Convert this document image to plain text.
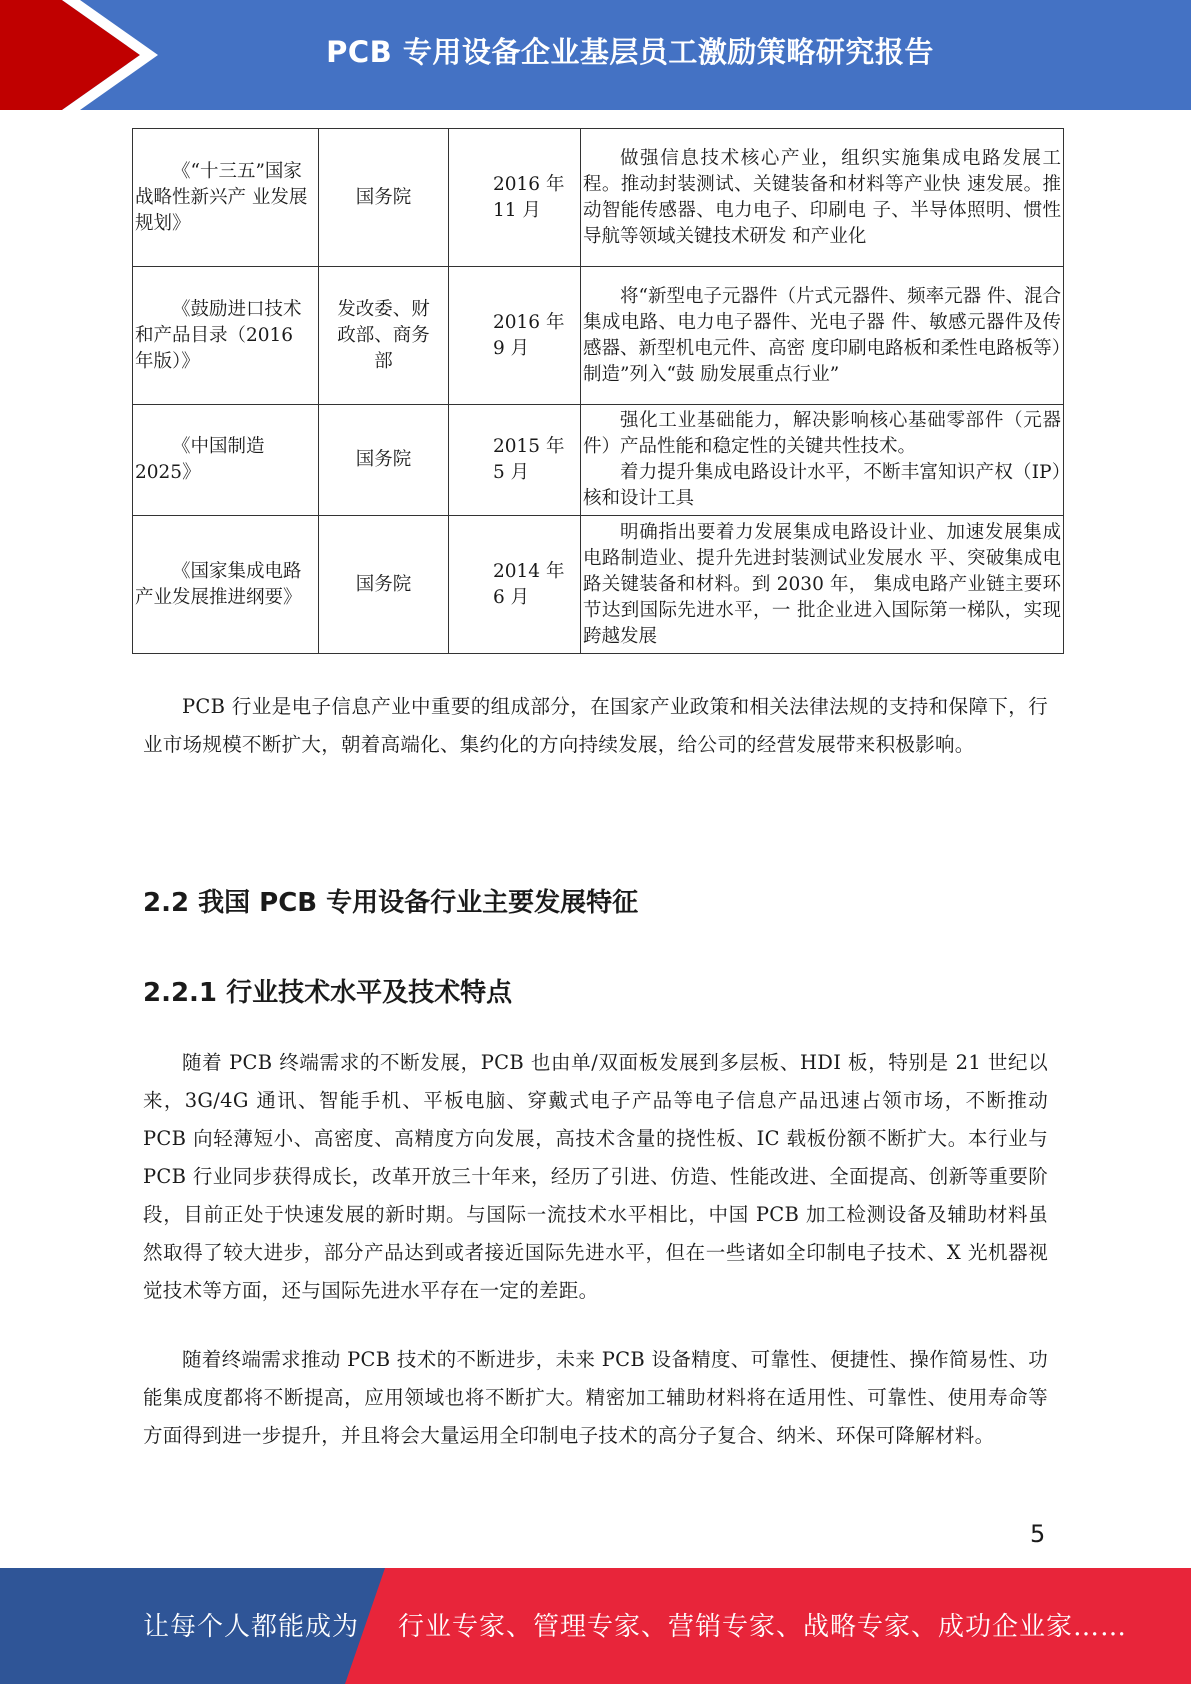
PCB 专用设备企业基层员工激励策略研究报告
《“十三五”国家战略性新兴产 业发展规划》	国务院	2016 年 11 月	做强信息技术核心产业，组织实施集成电路发展工程。推动封装测试、关键装备和材料等产业快 速发展。推动智能传感器、电力电子、印刷电 子、半导体照明、惯性导航等领域关键技术研发 和产业化

《鼓励进口技术和产品目录（2016 年版）》	发改委、财 政部、商务 部	2016 年 9 月	将“新型电子元器件（片式元器件、频率元器 件、混合集成电路、电力电子器件、光电子器 件、敏感元器件及传感器、新型机电元件、高密 度印刷电路板和柔性电路板等）制造”列入“鼓 励发展重点行业”

《中国制造 2025》	国务院	2015 年 5 月	强化工业基础能力，解决影响核心基础零部件（元器件）产品性能和稳定性的关键共性技术。

着力提升集成电路设计水平，不断丰富知识产权（IP）核和设计工具

《国家集成电路产业发展推进纲要》	国务院	2014 年 6 月	明确指出要着力发展集成电路设计业、加速发展集成电路制造业、提升先进封装测试业发展水 平、突破集成电路关键装备和材料。到 2030 年， 集成电路产业链主要环节达到国际先进水平，一 批企业进入国际第一梯队，实现跨越发展

PCB 行业是电子信息产业中重要的组成部分，在国家产业政策和相关法律法规的支持和保障下，行业市场规模不断扩大，朝着高端化、集约化的方向持续发展，给公司的经营发展带来积极影响。

2.2 我国 PCB 专用设备行业主要发展特征
2.2.1 行业技术水平及技术特点

随着 PCB 终端需求的不断发展，PCB 也由单/双面板发展到多层板、HDI 板，特别是 21 世纪以来，3G/4G 通讯、智能手机、平板电脑、穿戴式电子产品等电子信息产品迅速占领市场，不断推动 PCB 向轻薄短小、高密度、高精度方向发展，高技术含量的挠性板、IC 载板份额不断扩大。本行业与 PCB 行业同步获得成长，改革开放三十年来，经历了引进、仿造、性能改进、全面提高、创新等重要阶段，目前正处于快速发展的新时期。与国际一流技术水平相比，中国 PCB 加工检测设备及辅助材料虽然取得了较大进步，部分产品达到或者接近国际先进水平，但在一些诸如全印制电子技术、X 光机器视觉技术等方面，还与国际先进水平存在一定的差距。

随着终端需求推动 PCB 技术的不断进步，未来 PCB 设备精度、可靠性、便捷性、操作简易性、功能集成度都将不断提高，应用领域也将不断扩大。精密加工辅助材料将在适用性、可靠性、使用寿命等方面得到进一步提升，并且将会大量运用全印制电子技术的高分子复合、纳米、环保可降解材料。

5
让每个人都能成为 行业专家、管理专家、营销专家、战略专家、成功企业家……
